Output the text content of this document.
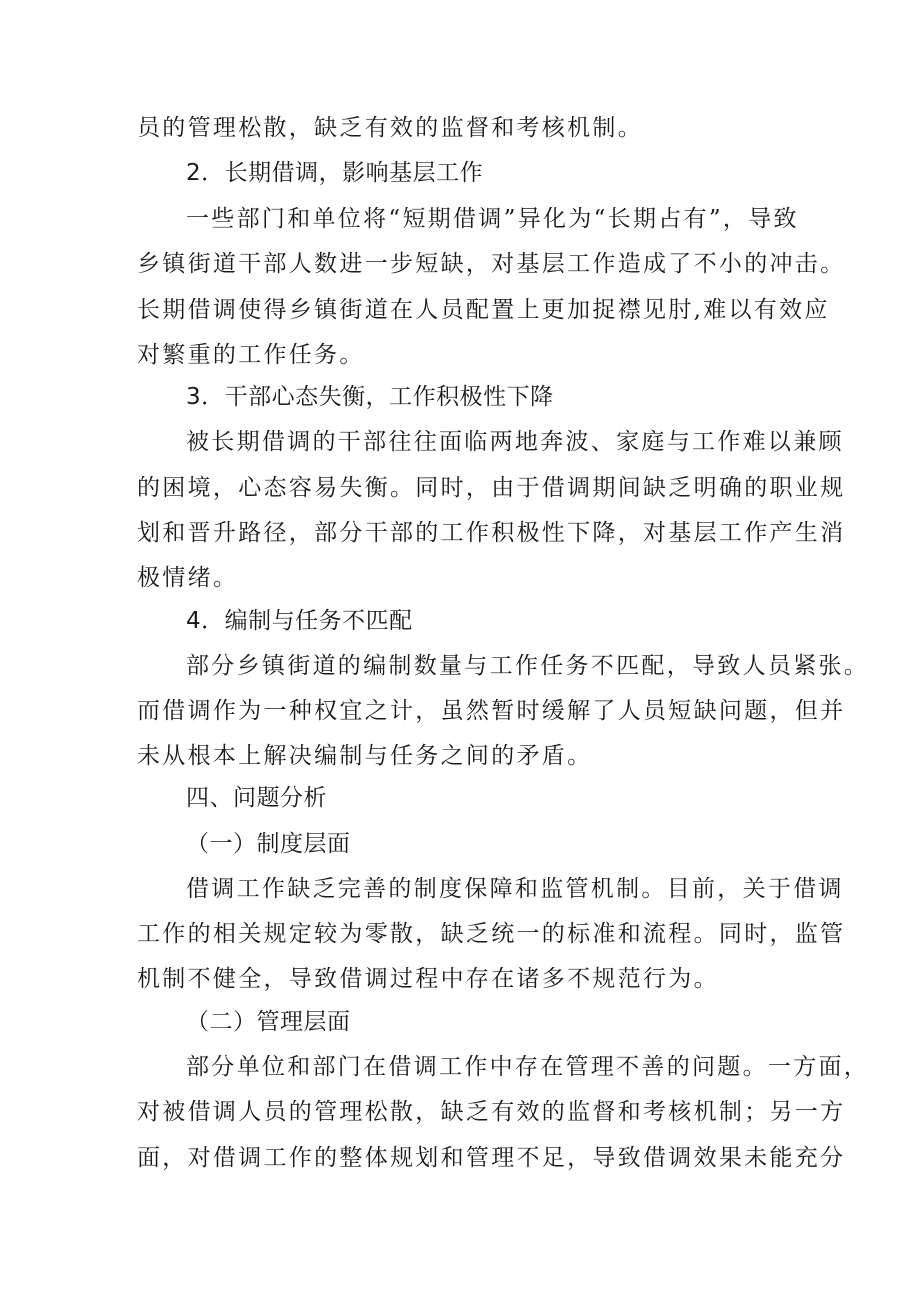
员的管理松散，缺乏有效的监督和考核机制。
2．长期借调，影响基层工作
一些部门和单位将“短期借调”异化为“长期占有”，导致
乡镇街道干部人数进一步短缺，对基层工作造成了不小的冲击。
长期借调使得乡镇街道在人员配置上更加捉襟见肘,难以有效应
对繁重的工作任务。
3．干部心态失衡，工作积极性下降
被长期借调的干部往往面临两地奔波、家庭与工作难以兼顾
的困境，心态容易失衡。同时，由于借调期间缺乏明确的职业规
划和晋升路径，部分干部的工作积极性下降，对基层工作产生消
极情绪。
4．编制与任务不匹配
部分乡镇街道的编制数量与工作任务不匹配，导致人员紧张。
而借调作为一种权宜之计，虽然暂时缓解了人员短缺问题，但并
未从根本上解决编制与任务之间的矛盾。
四、问题分析
（一）制度层面
借调工作缺乏完善的制度保障和监管机制。目前，关于借调
工作的相关规定较为零散，缺乏统一的标准和流程。同时，监管
机制不健全，导致借调过程中存在诸多不规范行为。
（二）管理层面
部分单位和部门在借调工作中存在管理不善的问题。一方面，
对被借调人员的管理松散，缺乏有效的监督和考核机制；另一方
面，对借调工作的整体规划和管理不足，导致借调效果未能充分
